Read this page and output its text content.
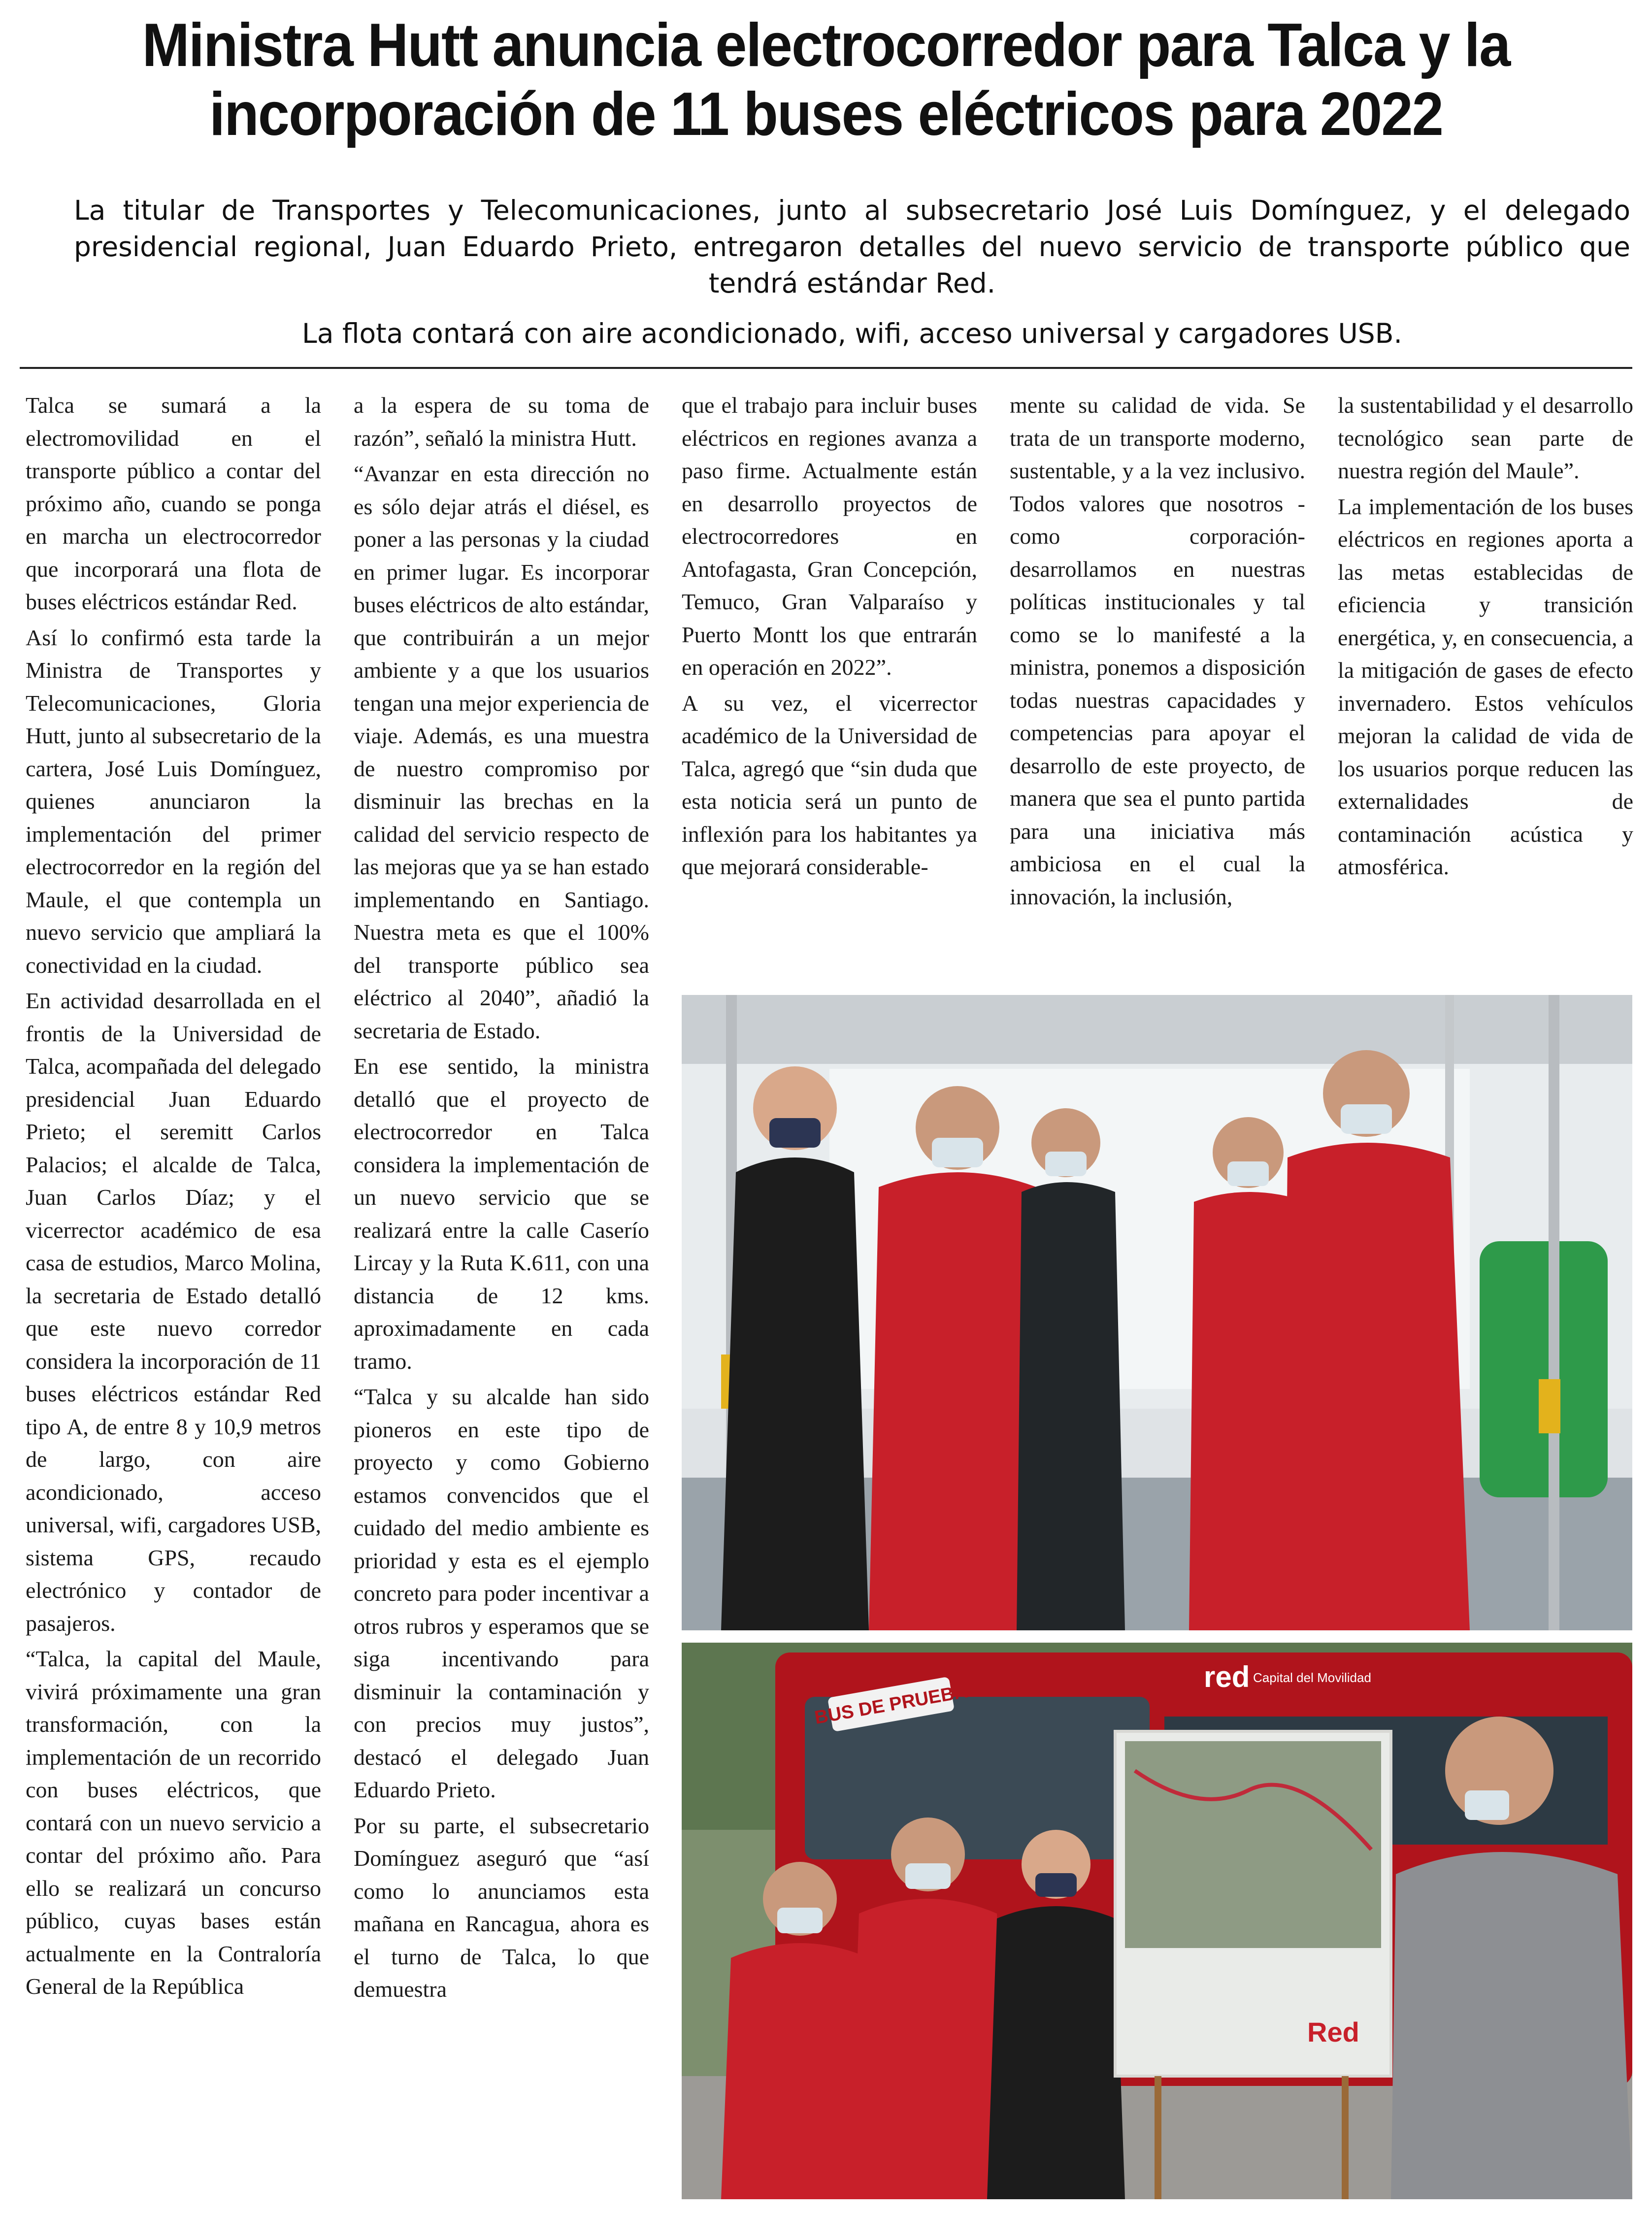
Ministra Hutt anuncia electrocorredor para Talca y la
incorporación de 11 buses eléctricos para 2022

La titular de Transportes y Telecomunicaciones, junto al subsecretario José Luis Domínguez, y el delegado presidencial regional, Juan Eduardo Prieto, entregaron detalles del nuevo servicio de transporte público que tendrá estándar Red.

La flota contará con aire acondicionado, wifi, acceso universal y cargadores USB.

Talca se sumará a la electromovilidad en el transporte público a contar del próximo año, cuando se ponga en marcha un electrocorredor que incorporará una flota de buses eléctricos estándar Red.

Así lo confirmó esta tarde la Ministra de Transportes y Telecomunicaciones, Gloria Hutt, junto al subsecretario de la cartera, José Luis Domínguez, quienes anunciaron la implementación del primer electrocorredor en la región del Maule, el que contempla un nuevo servicio que ampliará la conectividad en la ciudad.

En actividad desarrollada en el frontis de la Universidad de Talca, acompañada del delegado presidencial Juan Eduardo Prieto; el seremitt Carlos Palacios; el alcalde de Talca, Juan Carlos Díaz; y el vicerrector académico de esa casa de estudios, Marco Molina, la secretaria de Estado detalló que este nuevo corredor considera la incorporación de 11 buses eléctricos estándar Red tipo A, de entre 8 y 10,9 metros de largo, con aire acondicionado, acceso universal, wifi, cargadores USB, sistema GPS, recaudo electrónico y contador de pasajeros.

“Talca, la capital del Maule, vivirá próximamente una gran transformación, con la implementación de un recorrido con buses eléctricos, que contará con un nuevo servicio a contar del próximo año. Para ello se realizará un concurso público, cuyas bases están actualmente en la Contraloría General de la República

a la espera de su toma de razón”, señaló la ministra Hutt.

“Avanzar en esta dirección no es sólo dejar atrás el diésel, es poner a las personas y la ciudad en primer lugar. Es incorporar buses eléctricos de alto estándar, que contribuirán a un mejor ambiente y a que los usuarios tengan una mejor experiencia de viaje. Además, es una muestra de nuestro compromiso por disminuir las brechas en la calidad del servicio respecto de las mejoras que ya se han estado implementando en Santiago. Nuestra meta es que el 100% del transporte público sea eléctrico al 2040”, añadió la secretaria de Estado.

En ese sentido, la ministra detalló que el proyecto de electrocorredor en Talca considera la implementación de un nuevo servicio que se realizará entre la calle Caserío Lircay y la Ruta K.611, con una distancia de 12 kms. aproximadamente en cada tramo.

“Talca y su alcalde han sido pioneros en este tipo de proyecto y como Gobierno estamos convencidos que el cuidado del medio ambiente es prioridad y esta es el ejemplo concreto para poder incentivar a otros rubros y esperamos que se siga incentivando para disminuir la contaminación y con precios muy justos”, destacó el delegado Juan Eduardo Prieto.

Por su parte, el subsecretario Domínguez aseguró que “así como lo anunciamos esta mañana en Rancagua, ahora es el turno de Talca, lo que demuestra

que el trabajo para incluir buses eléctricos en regiones avanza a paso firme. Actualmente están en desarrollo proyectos de electrocorredores en Antofagasta, Gran Concepción, Temuco, Gran Valparaíso y Puerto Montt los que entrarán en operación en 2022”.

A su vez, el vicerrector académico de la Universidad de Talca, agregó que “sin duda que esta noticia será un punto de inflexión para los habitantes ya que mejorará considerable-

mente su calidad de vida. Se trata de un transporte moderno, sustentable, y a la vez inclusivo. Todos valores que nosotros -como corporación- desarrollamos en nuestras políticas institucionales y tal como se lo manifesté a la ministra, ponemos a disposición todas nuestras capacidades y competencias para apoyar el desarrollo de este proyecto, de manera que sea el punto partida para una iniciativa más ambiciosa en el cual la innovación, la inclusión,

la sustentabilidad y el desarrollo tecnológico sean parte de nuestra región del Maule”.

La implementación de los buses eléctricos en regiones aporta a las metas establecidas de eficiencia y transición energética, y, en consecuencia, a la mitigación de gases de efecto invernadero. Estos vehículos mejoran la calidad de vida de los usuarios porque reducen las externalidades de contaminación acústica y atmosférica.

BUS DE PRUEBA
red Capital del Movilidad
Red
